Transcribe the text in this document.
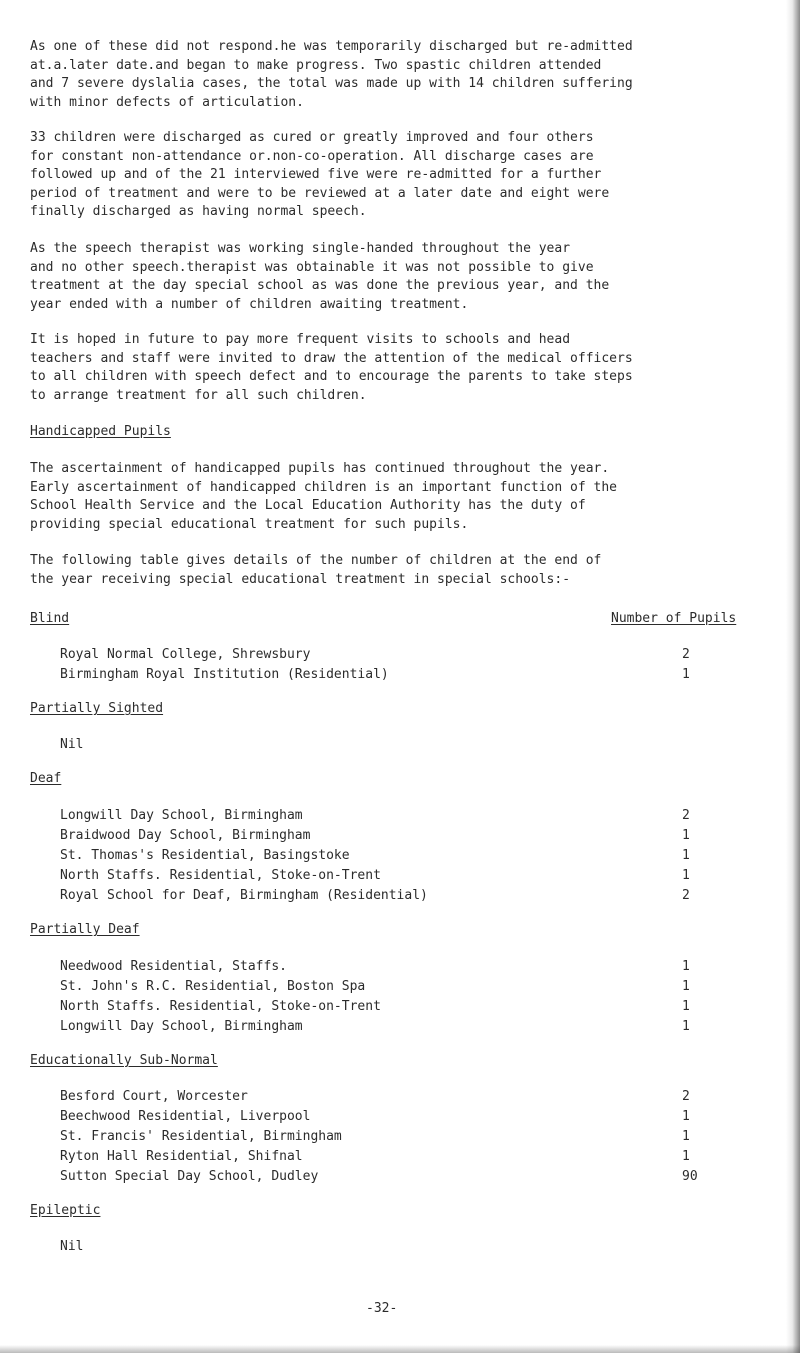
As one of these did not respond.he was temporarily discharged but re-admitted
at.a.later date.and began to make progress. Two spastic children attended
and 7 severe dyslalia cases, the total was made up with 14 children suffering
with minor defects of articulation.

33 children were discharged as cured or greatly improved and four others
for constant non-attendance or.non-co-operation. All discharge cases are
followed up and of the 21 interviewed five were re-admitted for a further
period of treatment and were to be reviewed at a later date and eight were
finally discharged as having normal speech.

As the speech therapist was working single-handed throughout the year
and no other speech.therapist was obtainable it was not possible to give
treatment at the day special school as was done the previous year, and the
year ended with a number of children awaiting treatment.

It is hoped in future to pay more frequent visits to schools and head
teachers and staff were invited to draw the attention of the medical officers
to all children with speech defect and to encourage the parents to take steps
to arrange treatment for all such children.

Handicapped Pupils

The ascertainment of handicapped pupils has continued throughout the year.
Early ascertainment of handicapped children is an important function of the
School Health Service and the Local Education Authority has the duty of
providing special educational treatment for such pupils.

The following table gives details of the number of children at the end of
the year receiving special educational treatment in special schools:-

Blind	Number of Pupils
Royal Normal College, Shrewsbury	2
Birmingham Royal Institution (Residential)	1
Partially Sighted
Nil
Deaf
Longwill Day School, Birmingham	2
Braidwood Day School, Birmingham	1
St. Thomas's Residential, Basingstoke	1
North Staffs. Residential, Stoke-on-Trent	1
Royal School for Deaf, Birmingham (Residential)	2
Partially Deaf
Needwood Residential, Staffs.	1
St. John's R.C. Residential, Boston Spa	1
North Staffs. Residential, Stoke-on-Trent	1
Longwill Day School, Birmingham	1
Educationally Sub-Normal
Besford Court, Worcester	2
Beechwood Residential, Liverpool	1
St. Francis' Residential, Birmingham	1
Ryton Hall Residential, Shifnal	1
Sutton Special Day School, Dudley	90
Epileptic
Nil
-32-
